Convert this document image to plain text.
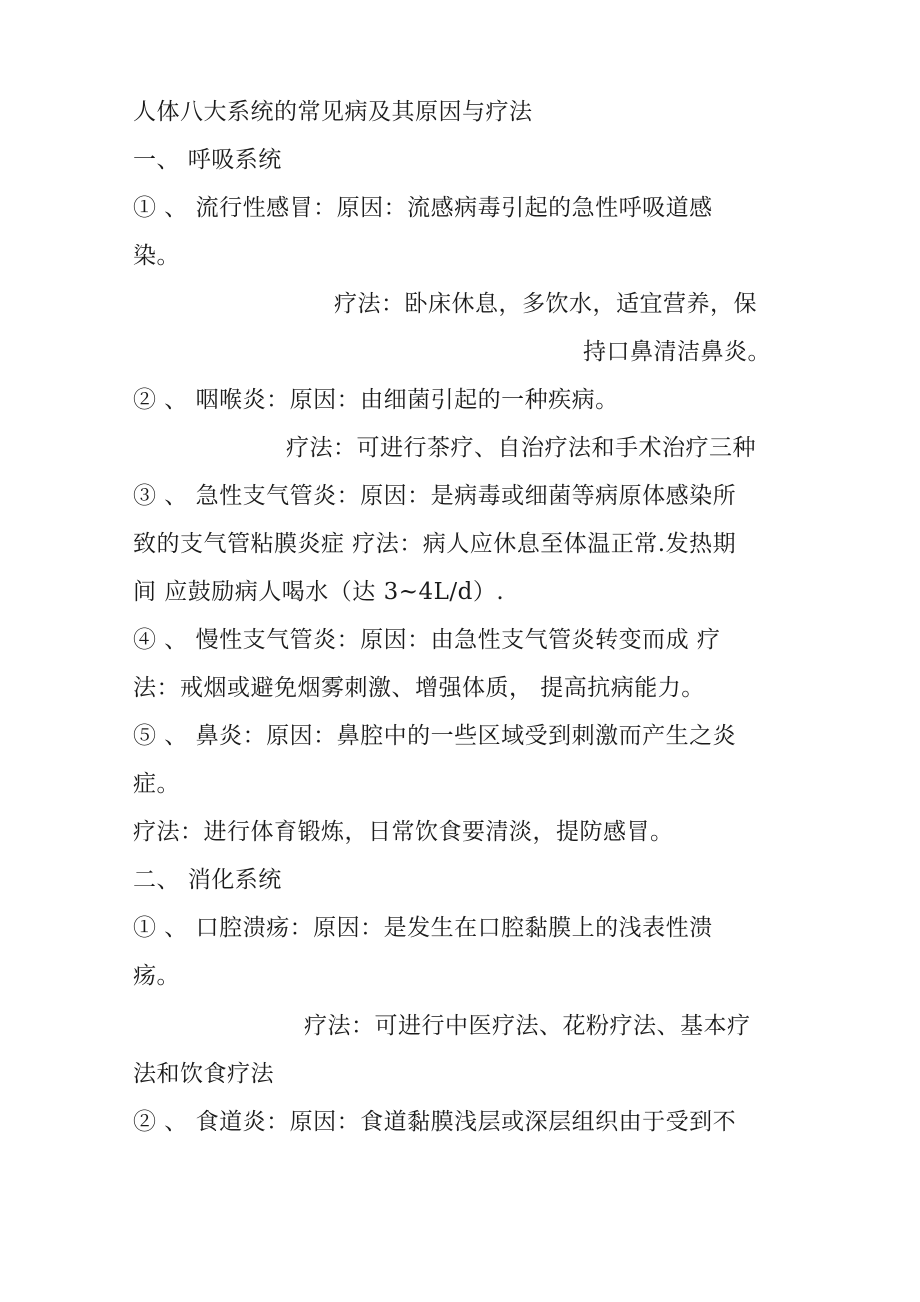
人体八大系统的常见病及其原因与疗法
一、 呼吸系统
① 、 流行性感冒：原因：流感病毒引起的急性呼吸道感
染。
疗法：卧床休息，多饮水，适宜营养，保
持口鼻清洁鼻炎。
② 、 咽喉炎：原因：由细菌引起的一种疾病。
疗法：可进行茶疗、自治疗法和手术治疗三种
③ 、 急性支气管炎：原因：是病毒或细菌等病原体感染所
致的支气管粘膜炎症 疗法：病人应休息至体温正常.发热期
间 应鼓励病人喝水（达 3~4L/d）.
④ 、 慢性支气管炎：原因：由急性支气管炎转变而成 疗
法：戒烟或避免烟雾刺激、增强体质， 提高抗病能力。
⑤ 、 鼻炎：原因：鼻腔中的一些区域受到刺激而产生之炎
症。
疗法：进行体育锻炼，日常饮食要清淡，提防感冒。
二、 消化系统
① 、 口腔溃疡：原因：是发生在口腔黏膜上的浅表性溃
疡。
疗法：可进行中医疗法、花粉疗法、基本疗
法和饮食疗法
② 、 食道炎：原因：食道黏膜浅层或深层组织由于受到不
